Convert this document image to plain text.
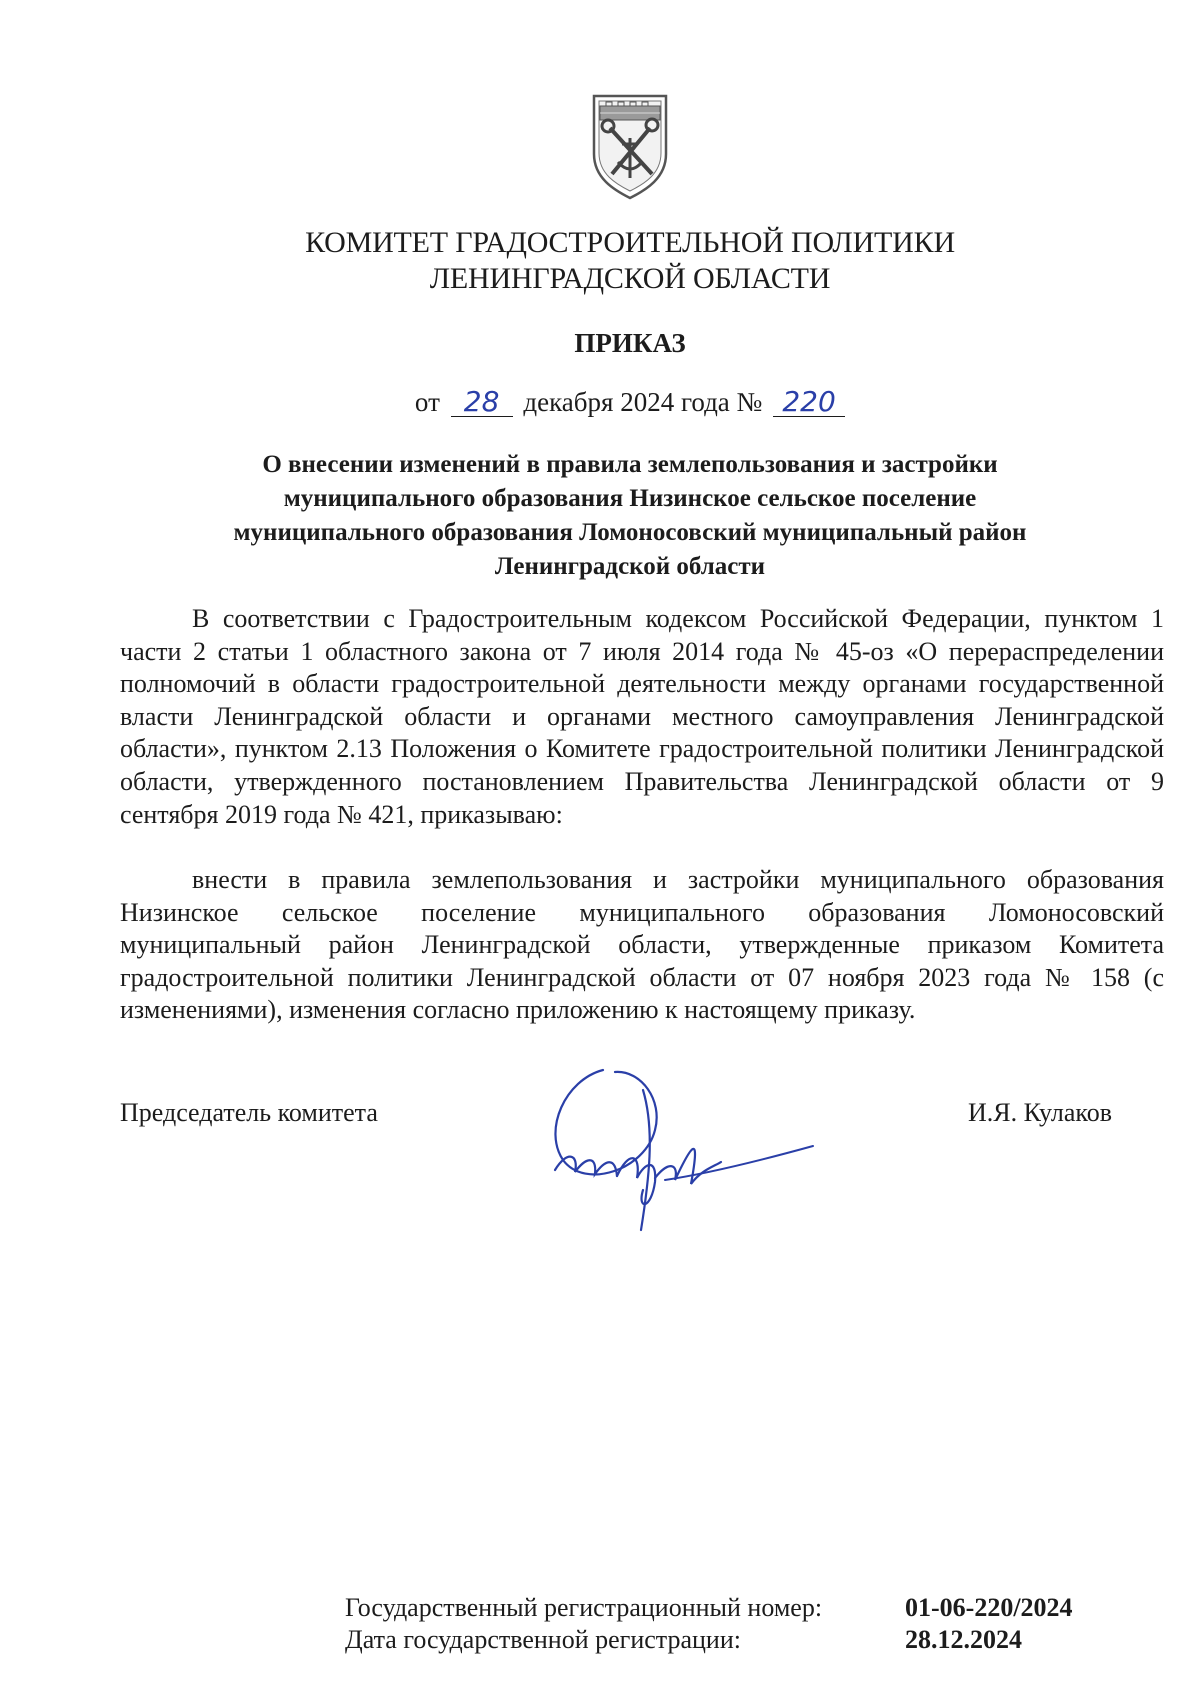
КОМИТЕТ ГРАДОСТРОИТЕЛЬНОЙ ПОЛИТИКИ
ЛЕНИНГРАДСКОЙ ОБЛАСТИ
ПРИКАЗ
от 28 декабря 2024 года № 220
О внесении изменений в правила землепользования и застройки
муниципального образования Низинское сельское поселение
муниципального образования Ломоносовский муниципальный район
Ленинградской области

В соответствии с Градостроительным кодексом Российской Федерации, пунктом 1 части 2 статьи 1 областного закона от 7 июля 2014 года № 45-оз «О перераспределении полномочий в области градостроительной деятельности между органами государственной власти Ленинградской области и органами местного самоуправления Ленинградской области», пунктом 2.13 Положения о Комитете градостроительной политики Ленинградской области, утвержденного постановлением Правительства Ленинградской области от 9 сентября 2019 года № 421, приказываю:

внести в правила землепользования и застройки муниципального образования Низинское сельское поселение муниципального образования Ломоносовский муниципальный район Ленинградской области, утвержденные приказом Комитета градостроительной политики Ленинградской области от 07 ноября 2023 года № 158 (с изменениями), изменения согласно приложению к настоящему приказу.

Председатель комитета	И.Я. Кулаков
Государственный регистрационный номер:	01-06-220/2024
Дата государственной регистрации:	28.12.2024
